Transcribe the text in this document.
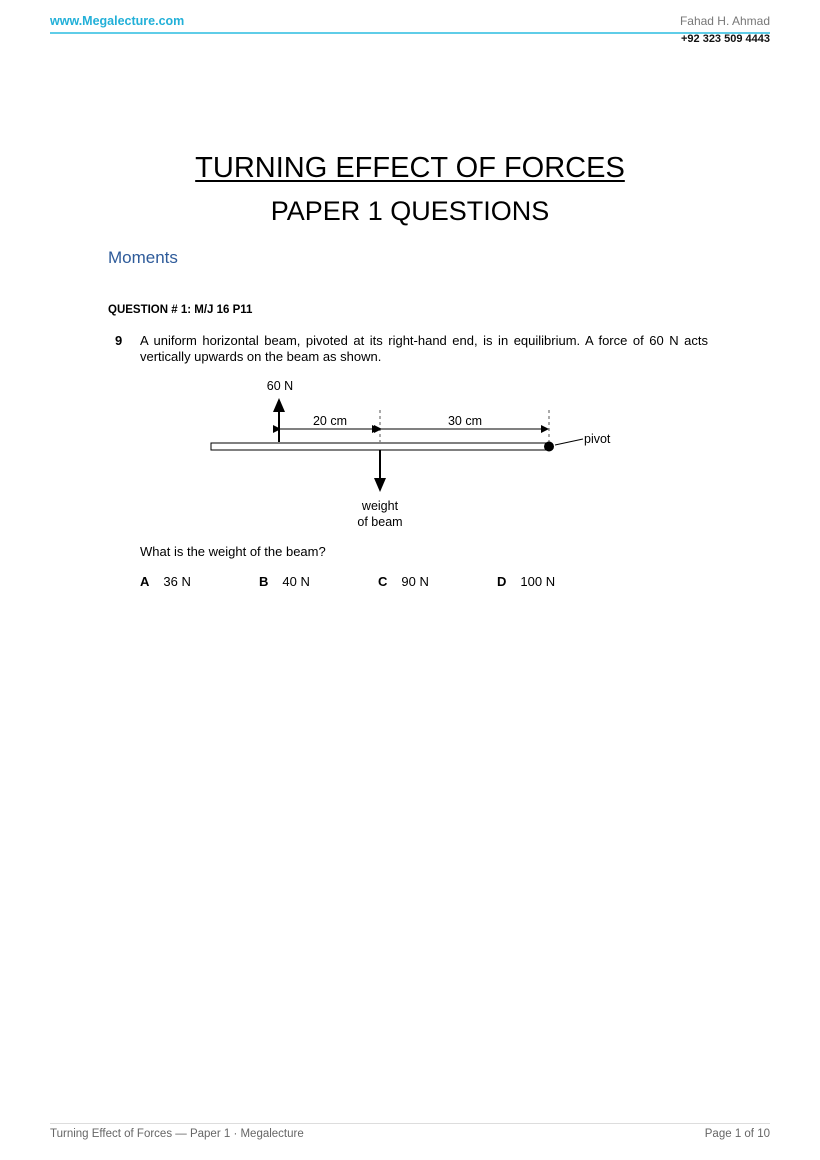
www.Megalecture.com	Fahad H. Ahmad
+92 323 509 4443
TURNING EFFECT OF FORCES
PAPER 1 QUESTIONS
Moments
QUESTION # 1: M/J 16 P11
9 A uniform horizontal beam, pivoted at its right-hand end, is in equilibrium. A force of 60 N acts
vertically upwards on the beam as shown.
60 N
20 cm	30 cm
pivot
weight
of beam
What is the weight of the beam?
A 36 N	B 40 N	C 90 N	D 100 N
Turning Effect of Forces — Paper 1 · Megalecture	Page 1 of 10
